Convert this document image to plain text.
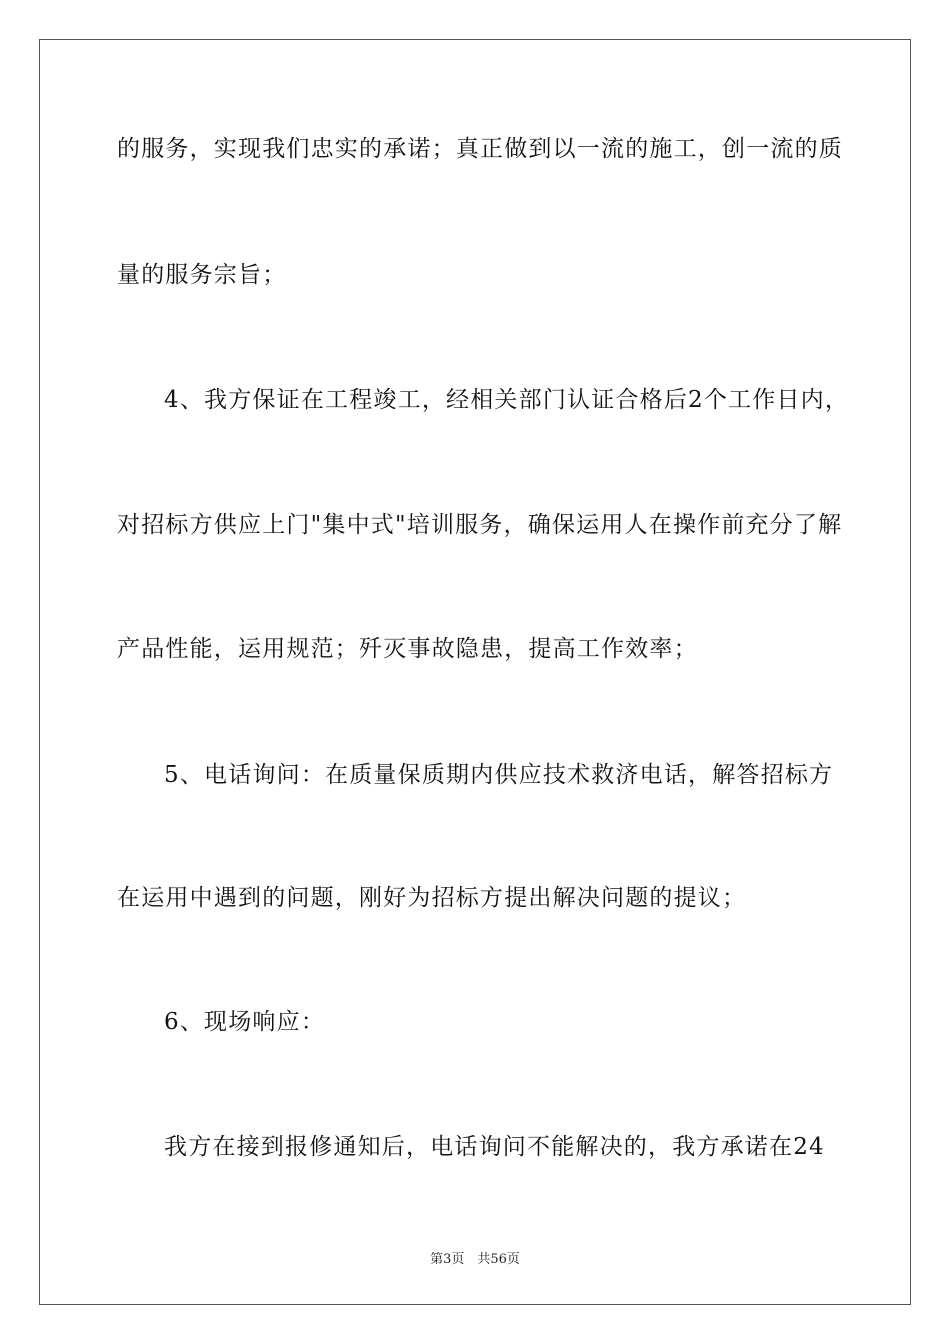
的服务，实现我们忠实的承诺；真正做到以一流的施工，创一流的质
量的服务宗旨；
4、我方保证在工程竣工，经相关部门认证合格后2个工作日内，
对招标方供应上门"集中式"培训服务，确保运用人在操作前充分了解
产品性能，运用规范；歼灭事故隐患，提高工作效率；
5、电话询问：在质量保质期内供应技术救济电话，解答招标方
在运用中遇到的问题，刚好为招标方提出解决问题的提议；
6、现场响应：
我方在接到报修通知后，电话询问不能解决的，我方承诺在24
第3页　共56页
